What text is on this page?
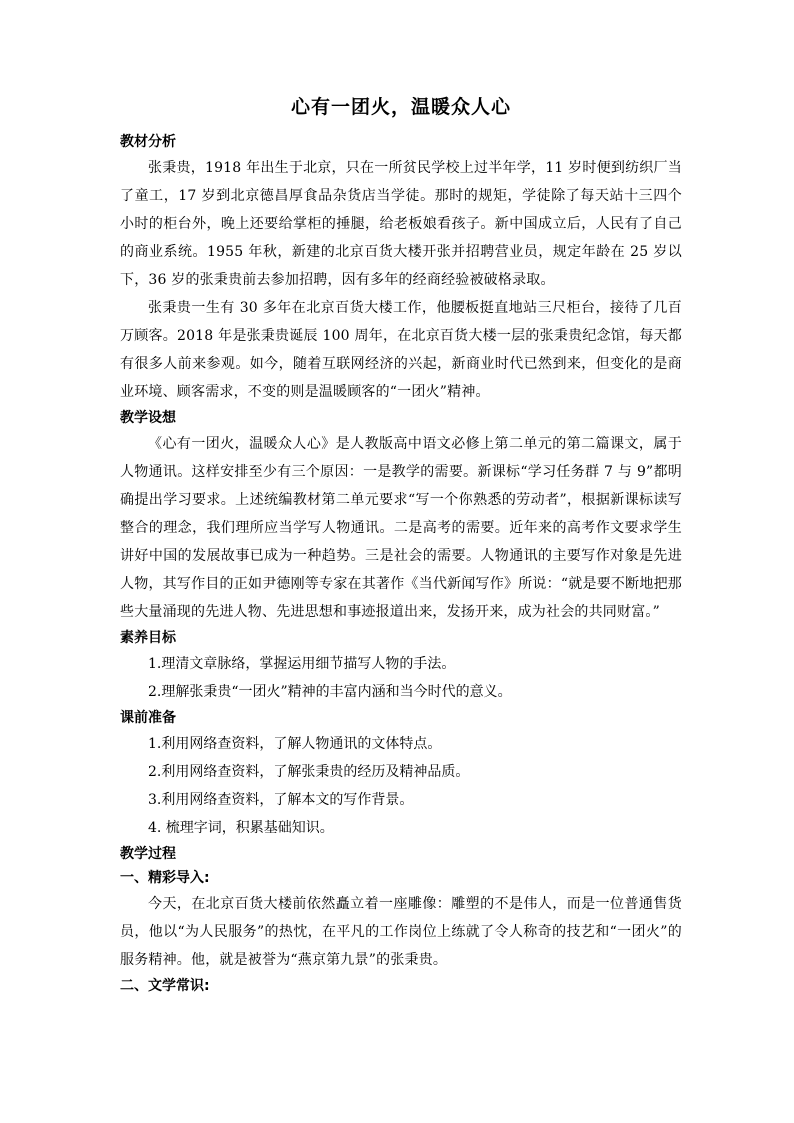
心有一团火，温暖众人心

教材分析

张秉贵，1918 年出生于北京，只在一所贫民学校上过半年学，11 岁时便到纺织厂当了童工，17 岁到北京德昌厚食品杂货店当学徒。那时的规矩，学徒除了每天站十三四个小时的柜台外，晚上还要给掌柜的捶腿，给老板娘看孩子。新中国成立后，人民有了自己的商业系统。1955 年秋，新建的北京百货大楼开张并招聘营业员，规定年龄在 25 岁以下，36 岁的张秉贵前去参加招聘，因有多年的经商经验被破格录取。

张秉贵一生有 30 多年在北京百货大楼工作，他腰板挺直地站三尺柜台，接待了几百万顾客。2018 年是张秉贵诞辰 100 周年，在北京百货大楼一层的张秉贵纪念馆，每天都有很多人前来参观。如今，随着互联网经济的兴起，新商业时代已然到来，但变化的是商业环境、顾客需求，不变的则是温暖顾客的“一团火”精神。

教学设想

《心有一团火，温暖众人心》是人教版高中语文必修上第二单元的第二篇课文，属于人物通讯。这样安排至少有三个原因：一是教学的需要。新课标“学习任务群 7 与 9”都明确提出学习要求。上述统编教材第二单元要求“写一个你熟悉的劳动者”，根据新课标读写整合的理念，我们理所应当学写人物通讯。二是高考的需要。近年来的高考作文要求学生讲好中国的发展故事已成为一种趋势。三是社会的需要。人物通讯的主要写作对象是先进人物，其写作目的正如尹德刚等专家在其著作《当代新闻写作》所说：“就是要不断地把那些大量涌现的先进人物、先进思想和事迹报道出来，发扬开来，成为社会的共同财富。”

素养目标

1.理清文章脉络，掌握运用细节描写人物的手法。

2.理解张秉贵“一团火”精神的丰富内涵和当今时代的意义。

课前准备

1.利用网络查资料，了解人物通讯的文体特点。

2.利用网络查资料，了解张秉贵的经历及精神品质。

3.利用网络查资料，了解本文的写作背景。

4. 梳理字词，积累基础知识。

教学过程

一、精彩导入:

今天，在北京百货大楼前依然矗立着一座雕像：雕塑的不是伟人，而是一位普通售货员，他以“为人民服务”的热忱，在平凡的工作岗位上练就了令人称奇的技艺和“一团火”的服务精神。他，就是被誉为“燕京第九景”的张秉贵。

二、文学常识:
